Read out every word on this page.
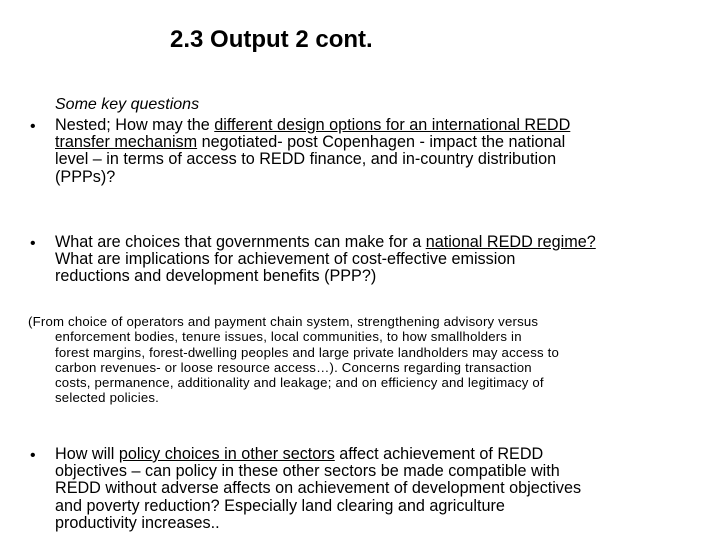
2.3 Output 2 cont.
Some key questions
• Nested; How may the different design options for an international REDD
transfer mechanism negotiated- post Copenhagen - impact the national
level – in terms of access to REDD finance, and in-country distribution
(PPPs)?
• What are choices that governments can make for a national REDD regime?
What are implications for achievement of cost-effective emission
reductions and development benefits (PPP?)
(From choice of operators and payment chain system, strengthening advisory versus
enforcement bodies, tenure issues, local communities, to how smallholders in
forest margins, forest-dwelling peoples and large private landholders may access to
carbon revenues- or loose resource access…). Concerns regarding transaction
costs, permanence, additionality and leakage; and on efficiency and legitimacy of
selected policies.
• How will policy choices in other sectors affect achievement of REDD
objectives – can policy in these other sectors be made compatible with
REDD without adverse affects on achievement of development objectives
and poverty reduction? Especially land clearing and agriculture
productivity increases..
